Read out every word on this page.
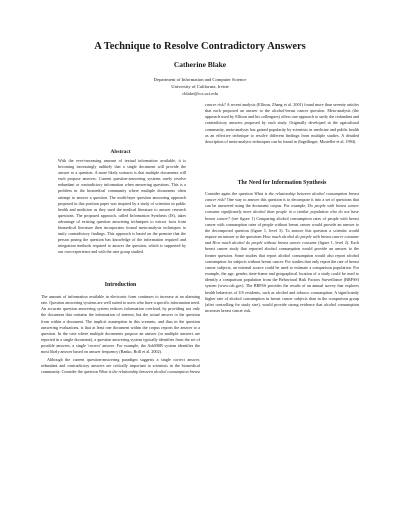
A Technique to Resolve Contradictory Answers
Catherine Blake
Department of Information and Computer Science
University of California, Irvine
cblake@ics.uci.edu
Abstract

With the ever-increasing amount of textual information available, it is becoming increasingly unlikely that a single document will provide the answer to a question. A more likely scenario is that multiple documents will each propose answers. Current question-answering systems rarely resolve redundant or contradictory information when answering questions. This is a problem in the biomedical community where multiple documents often attempt to answer a question. The multi-layer question answering approach proposed in this position paper was inspired by a study of scientists in public health and medicine as they used the medical literature to answer research questions. The proposed approach, called Information Synthesis (IS), takes advantage of existing question answering techniques to extract facts from biomedical literature then incorporates formal meta-analysis techniques to unify contradictory findings. This approach is based on the premise that the person posing the question has knowledge of the information required and integration methods required to answer the question, which is supported by our own experience and with the user group studied.

Introduction

The amount of information available in electronic form continues to increase at an alarming rate. Question answering systems are well suited to users who have a specific information need. An accurate question answering system reduces information overload, by providing not only the document that contains the information of interest, but the actual answer to the question from within a document. The implicit assumption in this scenario, and thus in the question answering evaluations, is that at least one document within the corpus reports the answer to a question. In the case where multiple documents propose an answer (or multiple answers are reported in a single document), a question answering system typically identifies from the set of possible answers, a single 'correct' answer. For example, the AskMSR system identifies the most likely answer based on answer frequency (Banko, Brill et al. 2002).

Although the current question-answering paradigm suggests a single correct answer, redundant and contradictory answers are critically important to scientists in the biomedical community. Consider the question What is the relationship between alcohol consumption breast

cancer risk? A recent analysis (Ellison, Zhang et al. 2001) found more than seventy articles that each proposed an answer to the alcohol-breast cancer question. Meta-analysis (the approach used by Ellison and his colleagues) offers one approach to unify the redundant and contradictory answers proposed by each study. Originally developed in the agricultural community, meta-analysis has gained popularity by scientists in medicine and public health as an effective technique to resolve different findings from multiple studies. A detailed description of meta-analytic techniques can be found in (Ingelfinger, Mosteller et al. 1994).

The Need for Information Synthesis

Consider again the question What is the relationship between alcohol consumption breast cancer risk? One way to answer this question is to decompose it into a set of questions that can be answered using the document corpus. For example, Do people with breast cancer consume significantly more alcohol than people in a similar population who do not have breast cancer? (see figure 1) Comparing alcohol consumption rates of people with breast cancer with consumption rates of people without breast cancer would provide an answer to the decomposed question (figure 1, level 3). To answer this question a scientist would require an answer to the questions How much alcohol do people with breast cancer consume and How much alcohol do people without breast cancer consume (figure 1, level 2). Each breast cancer study that reported alcohol consumption would provide an answer to the former question. Some studies that report alcohol consumption would also report alcohol consumption for subjects without breast cancer. For studies that only report the rate of breast cancer subjects, an external source could be used to estimate a comparison population. For example, the age, gender, time-frame and geographical location of a study could be used to identify a comparison population from the Behavioral Risk Factors Surveillance (BRFSS) system (www.cdc.gov). The BRFSS provides the results of an annual survey that explores health behaviors of US residents, such as alcohol and tobacco consumption. A significantly higher rate of alcohol consumption in breast cancer subjects than in the comparison group (after controlling for study size), would provide strong evidence that alcohol consumption increases breast cancer risk.
